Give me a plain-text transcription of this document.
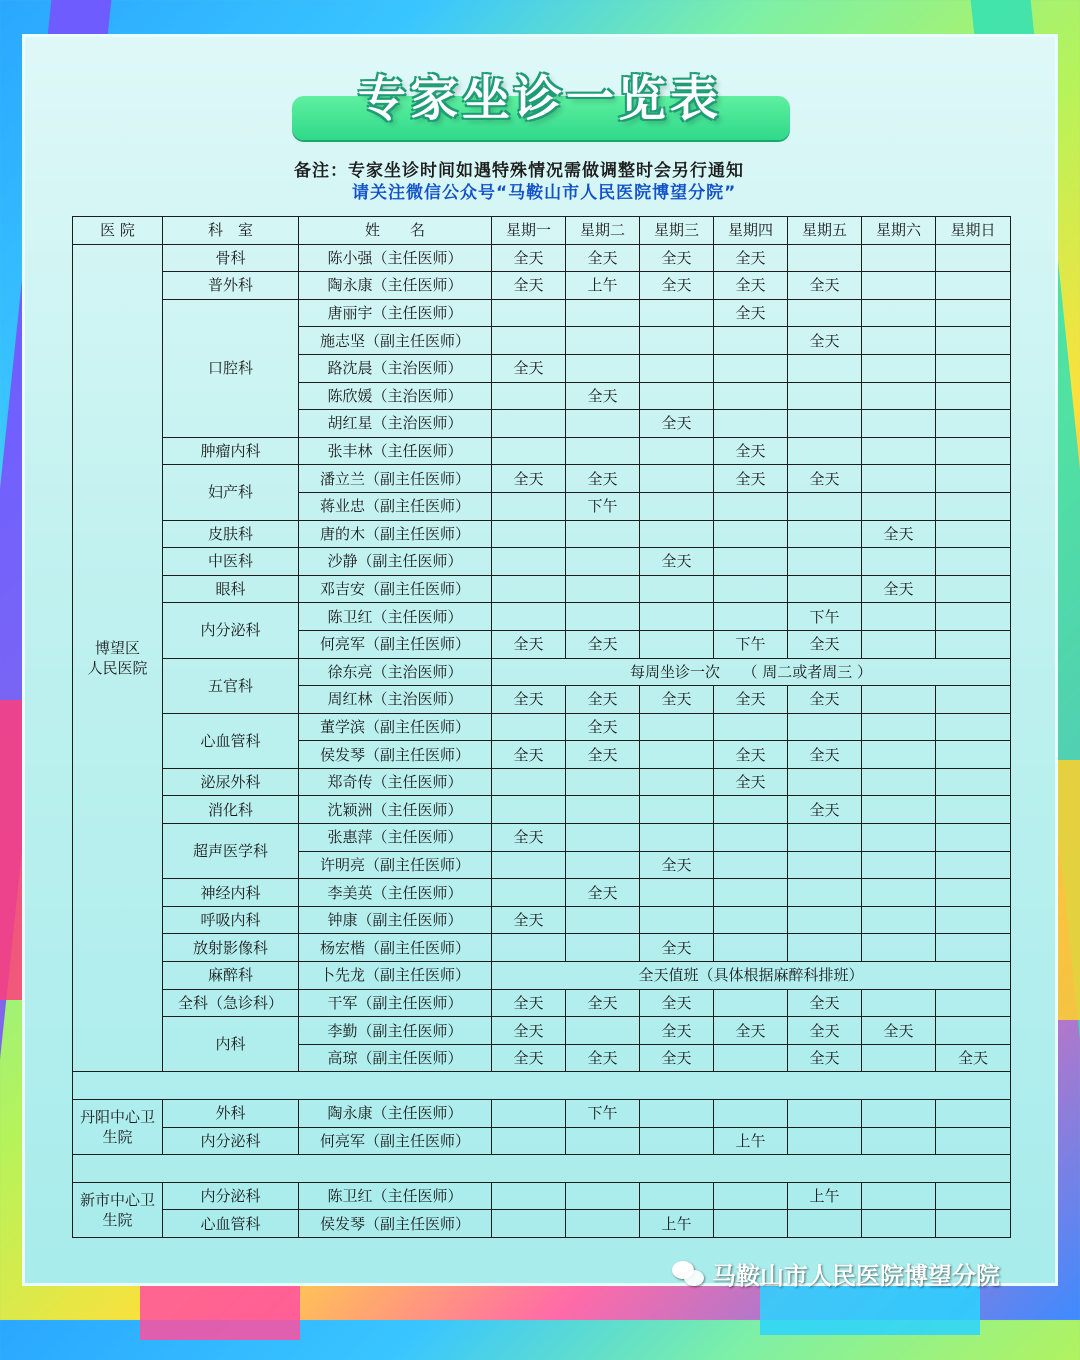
专家坐诊一览表
备注：专家坐诊时间如遇特殊情况需做调整时会另行通知
请关注微信公众号“马鞍山市人民医院博望分院”
医 院	科　室	姓　　名	星期一	星期二	星期三	星期四	星期五	星期六	星期日
博望区
人民医院	骨科	陈小强（主任医师）	全天	全天	全天	全天			
	普外科	陶永康（主任医师）	全天	上午	全天	全天	全天		
	口腔科	唐丽宇（主任医师）				全天			
		施志坚（副主任医师）					全天		
		路沈晨（主治医师）	全天						
		陈欣媛（主治医师）		全天					
		胡红星（主治医师）			全天				
	肿瘤内科	张丰林（主任医师）				全天			
	妇产科	潘立兰（副主任医师）	全天	全天		全天	全天		
		蒋业忠（副主任医师）		下午					
	皮肤科	唐的木（副主任医师）						全天	
	中医科	沙静（副主任医师）			全天				
	眼科	邓吉安（副主任医师）						全天	
	内分泌科	陈卫红（主任医师）					下午		
		何亮军（副主任医师）	全天	全天		下午	全天		
	五官科	徐东亮（主治医师）	每周坐诊一次　　（ 周二或者周三 ）						
		周红林（主治医师）	全天	全天	全天	全天	全天		
	心血管科	董学滨（副主任医师）		全天					
		侯发琴（副主任医师）	全天	全天		全天	全天		
	泌尿外科	郑奇传（主任医师）				全天			
	消化科	沈颖洲（主任医师）					全天		
	超声医学科	张惠萍（主任医师）	全天						
		许明亮（副主任医师）			全天				
	神经内科	李美英（主任医师）		全天					
	呼吸内科	钟康（副主任医师）	全天						
	放射影像科	杨宏楷（副主任医师）			全天				
	麻醉科	卜先龙（副主任医师）	全天值班（具体根据麻醉科排班）						
	全科（急诊科）	干军（副主任医师）	全天	全天	全天		全天		
	内科	李勤（副主任医师）	全天		全天	全天	全天	全天	
		高琼（副主任医师）	全天	全天	全天		全天		全天

丹阳中心卫
生院	外科	陶永康（主任医师）		下午					
	内分泌科	何亮军（副主任医师）				上午			

新市中心卫
生院	内分泌科	陈卫红（主任医师）					上午		
	心血管科	侯发琴（副主任医师）			上午				
马鞍山市人民医院博望分院
